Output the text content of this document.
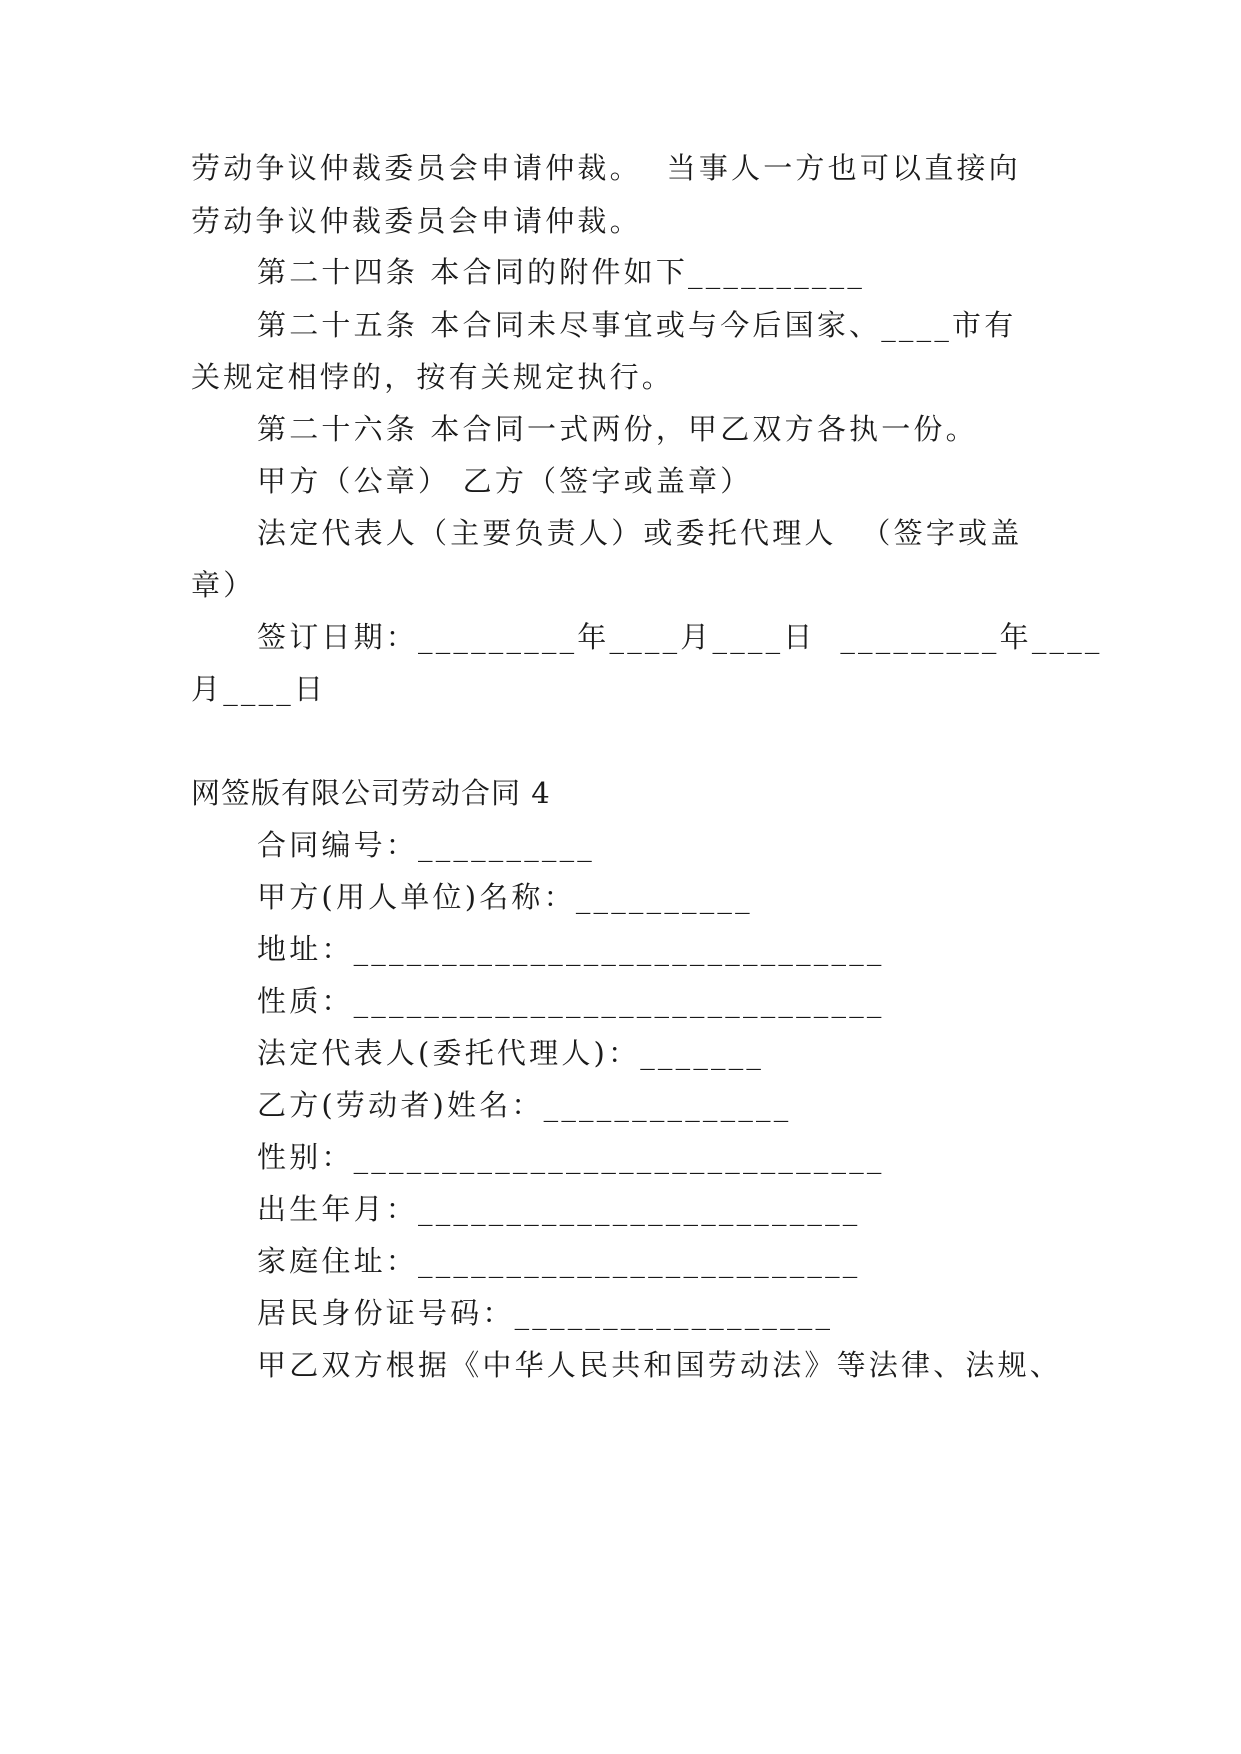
劳动争议仲裁委员会申请仲裁。  当事人一方也可以直接向
劳动争议仲裁委员会申请仲裁。
第二十四条 本合同的附件如下__________
第二十五条 本合同未尽事宜或与今后国家、____市有
关规定相悖的，按有关规定执行。
第二十六条 本合同一式两份，甲乙双方各执一份。
甲方（公章） 乙方（签字或盖章）
法定代表人（主要负责人）或委托代理人  （签字或盖
章）
签订日期：_________年____月____日  _________年____
月____日
网签版有限公司劳动合同 4
合同编号：__________
甲方(用人单位)名称：__________
地址：______________________________
性质：______________________________
法定代表人(委托代理人)：_______
乙方(劳动者)姓名：______________
性别：______________________________
出生年月：_________________________
家庭住址：_________________________
居民身份证号码：__________________
甲乙双方根据《中华人民共和国劳动法》等法律、法规、
